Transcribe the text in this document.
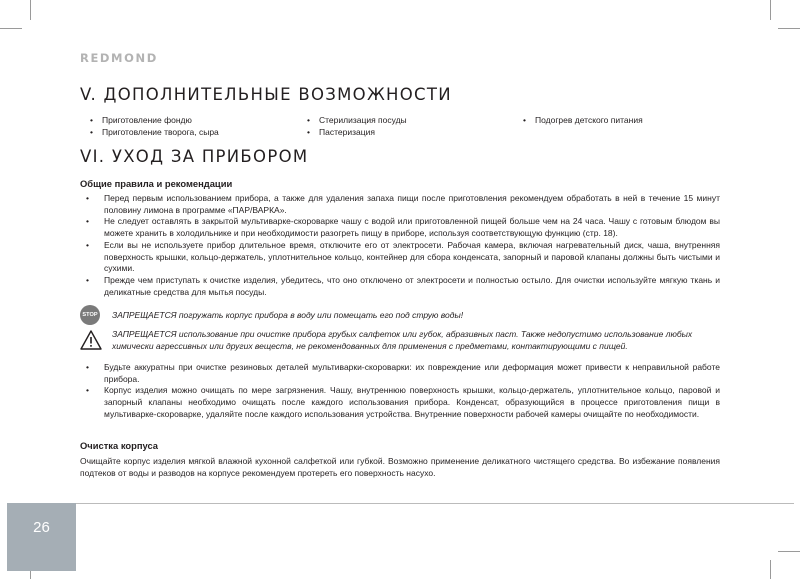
REDMOND
V. ДОПОЛНИТЕЛЬНЫЕ ВОЗМОЖНОСТИ
• Приготовление фондю
• Приготовление творога, сыра
• Стерилизация посуды
• Пастеризация
• Подогрев детского питания
VI. УХОД ЗА ПРИБОРОМ
Общие правила и рекомендации
• Перед первым использованием прибора, а также для удаления запаха пищи после приготовления рекомендуем обработать в ней в течение 15 минут половину лимона в программе «ПАР/ВАРКА».
• Не следует оставлять в закрытой мультиварке-скороварке чашу с водой или приготовленной пищей больше чем на 24 часа. Чашу с готовым блюдом вы можете хранить в холодильнике и при необходимости разогреть пищу в приборе, используя соответствующую функцию (стр. 18).
• Если вы не используете прибор длительное время, отключите его от электросети. Рабочая камера, включая нагревательный диск, чаша, внутренняя поверхность крышки, кольцо-держатель, уплотнительное кольцо, контейнер для сбора конденсата, запорный и паровой клапаны должны быть чистыми и сухими.
• Прежде чем приступать к очистке изделия, убедитесь, что оно отключено от электросети и полностью остыло. Для очистки используйте мягкую ткань и деликатные средства для мытья посуды.
STOP ЗАПРЕЩАЕТСЯ погружать корпус прибора в воду или помещать его под струю воды!
ЗАПРЕЩАЕТСЯ использование при очистке прибора грубых салфеток или губок, абразивных паст. Также недопустимо использование любых химически агрессивных или других веществ, не рекомендованных для применения с предметами, контактирующими с пищей.
• Будьте аккуратны при очистке резиновых деталей мультиварки-скороварки: их повреждение или деформация может привести к неправильной работе прибора.
• Корпус изделия можно очищать по мере загрязнения. Чашу, внутреннюю поверхность крышки, кольцо-держатель, уплотнительное кольцо, паровой и запорный клапаны необходимо очищать после каждого использования прибора. Конденсат, образующийся в процессе приготовления пищи в мультиварке-скороварке, удаляйте после каждого использования устройства. Внутренние поверхности рабочей камеры очищайте по необходимости.
Очистка корпуса

Очищайте корпус изделия мягкой влажной кухонной салфеткой или губкой. Возможно применение деликатного чистящего средства. Во избежание появления подтеков от воды и разводов на корпусе рекомендуем протереть его поверхность насухо.

26
